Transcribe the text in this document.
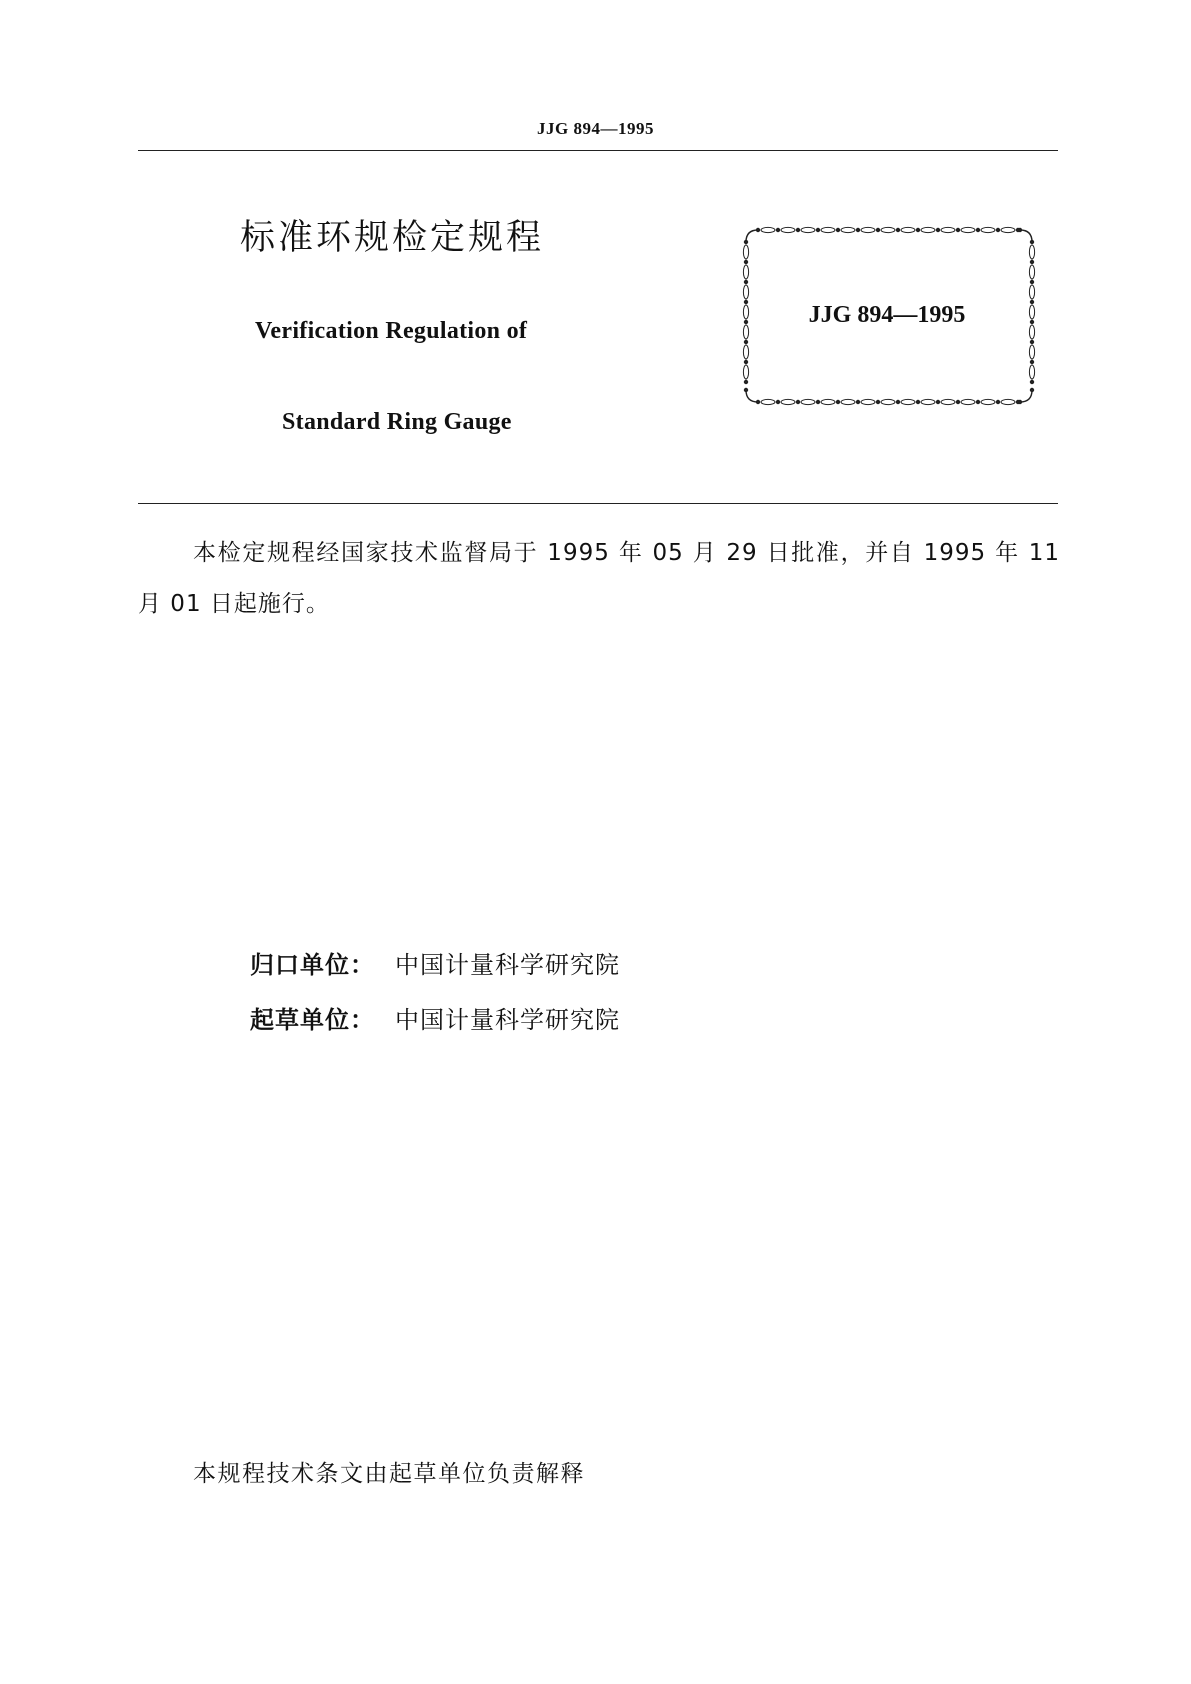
JJG 894—1995
标准环规检定规程
Verification Regulation of
Standard Ring Gauge
JJG 894—1995
本检定规程经国家技术监督局于 1995 年 05 月 29 日批准，并自 1995 年 11 月 01 日起施行。
归口单位： 中国计量科学研究院
起草单位： 中国计量科学研究院
本规程技术条文由起草单位负责解释
